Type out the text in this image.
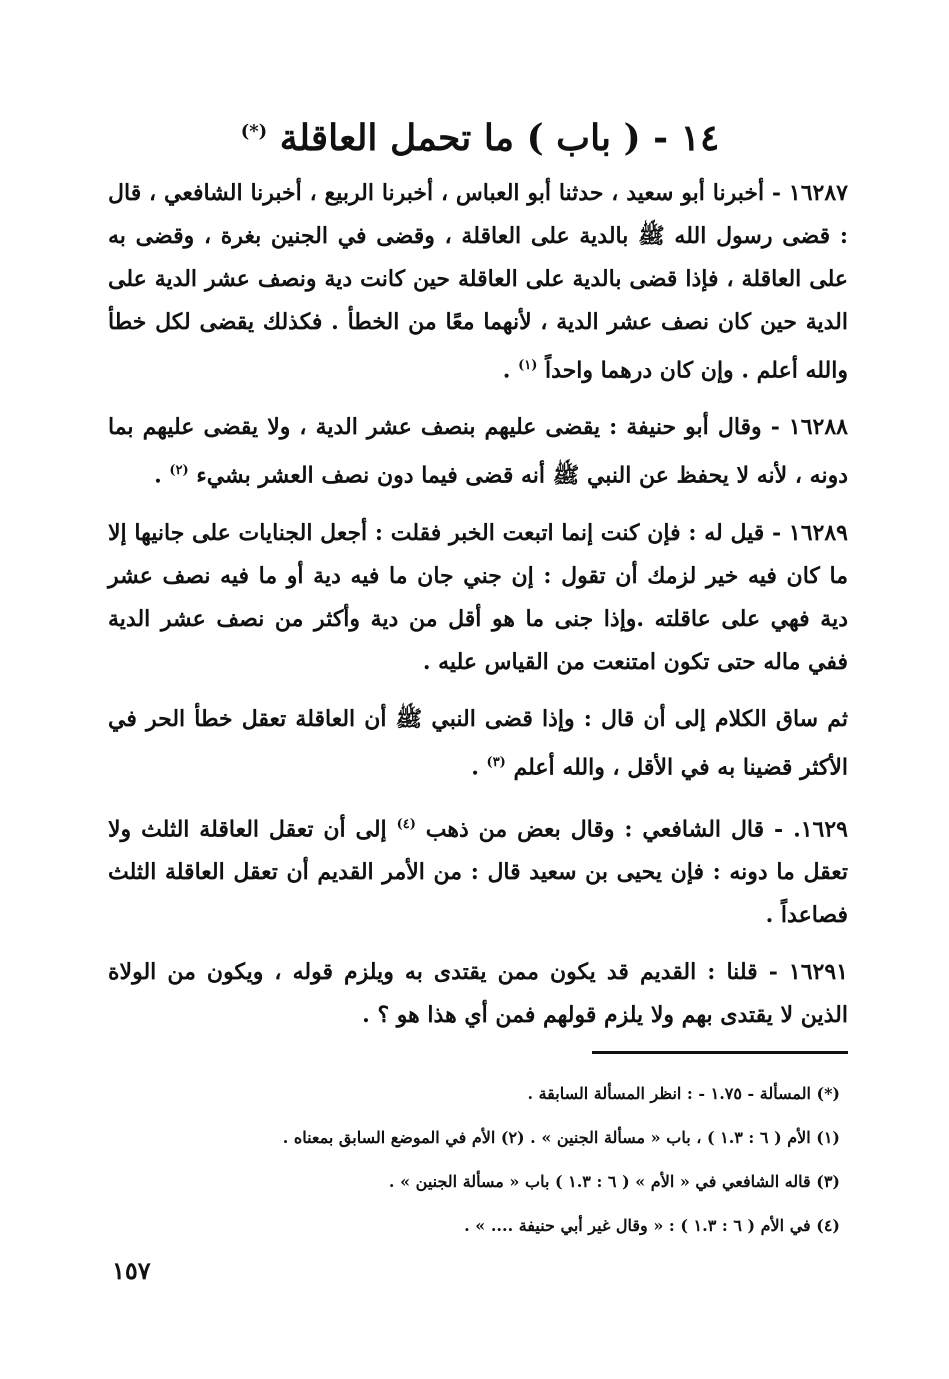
١٤ - ( باب ) ما تحمل العاقلة (*)

١٦٢٨٧ - أخبرنا أبو سعيد ، حدثنا أبو العباس ، أخبرنا الربيع ، أخبرنا الشافعي ، قال : قضى رسول الله ﷺ بالدية على العاقلة ، وقضى في الجنين بغرة ، وقضى به على العاقلة ، فإذا قضى بالدية على العاقلة حين كانت دية ونصف عشر الدية على الدية حين كان نصف عشر الدية ، لأنهما معًا من الخطأ . فكذلك يقضى لكل خطأ والله أعلم . وإن كان درهما واحداً $^{(١)}$ .

١٦٢٨٨ - وقال أبو حنيفة : يقضى عليهم بنصف عشر الدية ، ولا يقضى عليهم بما دونه ، لأنه لا يحفظ عن النبي ﷺ أنه قضى فيما دون نصف العشر بشيء $^{(٢)}$ .

١٦٢٨٩ - قيل له : فإن كنت إنما اتبعت الخبر فقلت : أجعل الجنايات على جانيها إلا ما كان فيه خير لزمك أن تقول : إن جني جان ما فيه دية أو ما فيه نصف عشر دية فهي على عاقلته .وإذا جنى ما هو أقل من دية وأكثر من نصف عشر الدية ففي ماله حتى تكون امتنعت من القياس عليه .

ثم ساق الكلام إلى أن قال : وإذا قضى النبي ﷺ أن العاقلة تعقل خطأ الحر في الأكثر قضينا به في الأقل ، والله أعلم $^{(٣)}$ .

١٦٢٩. - قال الشافعي : وقال بعض من ذهب $^{(٤)}$ إلى أن تعقل العاقلة الثلث ولا تعقل ما دونه : فإن يحيى بن سعيد قال : من الأمر القديم أن تعقل العاقلة الثلث فصاعداً .

١٦٢٩١ - قلنا : القديم قد يكون ممن يقتدى به ويلزم قوله ، ويكون من الولاة الذين لا يقتدى بهم ولا يلزم قولهم فمن أي هذا هو ؟ .

(*) المسألة - ١.٧٥ - : انظر المسألة السابقة .

(١) الأم ( ٦ : ١.٣ ) ، باب « مسألة الجنين » . (٢) الأم في الموضع السابق بمعناه .

(٣) قاله الشافعي في « الأم » ( ٦ : ١.٣ ) باب « مسألة الجنين » .

(٤) في الأم ( ٦ : ١.٣ ) : « وقال غير أبي حنيفة .... » .

١٥٧
